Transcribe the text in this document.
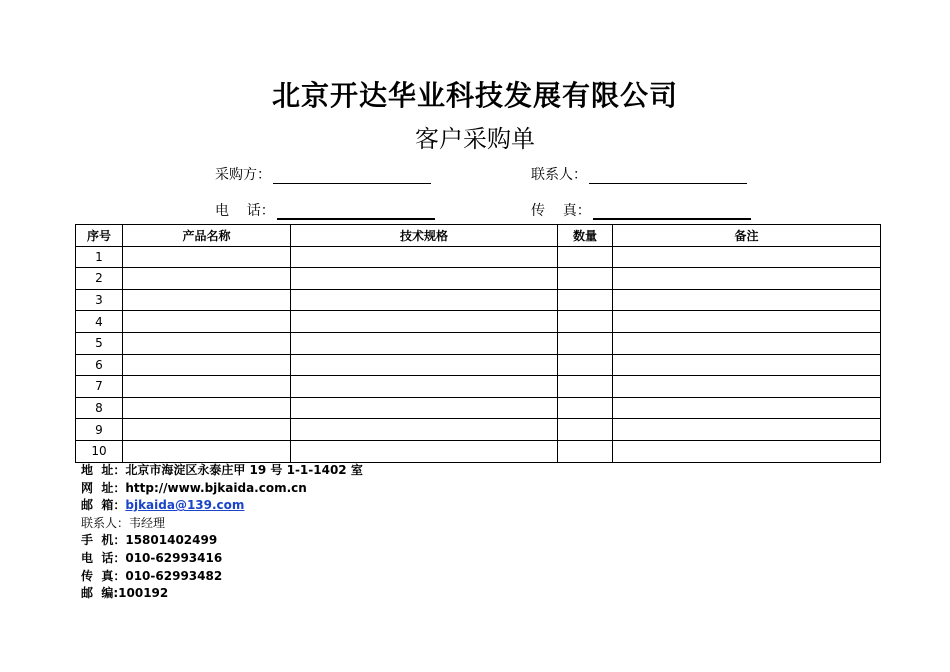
北京开达华业科技发展有限公司
客户采购单
采购方：	联系人：
电    话：	传    真：
序号	产品名称	技术规格	数量	备注
1				
2				
3				
4				
5				
6				
7				
8				
9				
10				
地  址：北京市海淀区永泰庄甲 19 号 1-1-1402 室
网  址：http://www.bjkaida.com.cn
邮  箱：bjkaida@139.com
联系人：韦经理
手  机：15801402499
电  话：010-62993416
传  真：010-62993482
邮  编:100192
